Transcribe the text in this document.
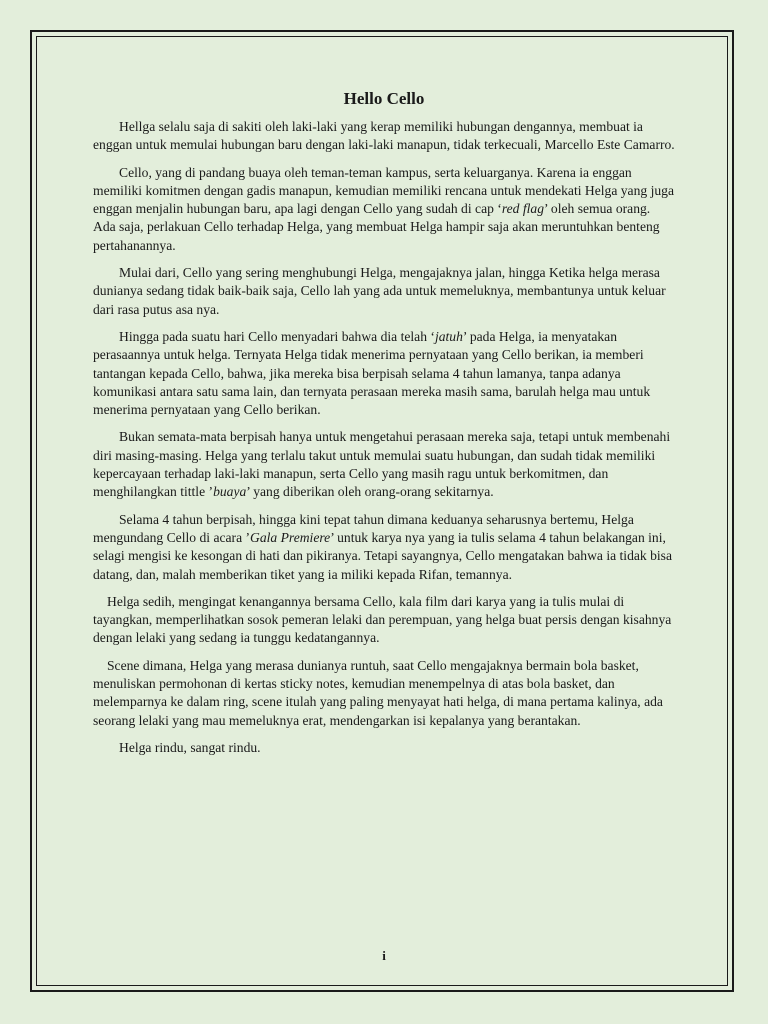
Hello Cello

Hellga selalu saja di sakiti oleh laki-laki yang kerap memiliki hubungan dengannya, membuat ia enggan untuk memulai hubungan baru dengan laki-laki manapun, tidak terkecuali, Marcello Este Camarro.

Cello, yang di pandang buaya oleh teman-teman kampus, serta keluarganya. Karena ia enggan memiliki komitmen dengan gadis manapun, kemudian memiliki rencana untuk mendekati Helga yang juga enggan menjalin hubungan baru, apa lagi dengan Cello yang sudah di cap ‘red flag’ oleh semua orang. Ada saja, perlakuan Cello terhadap Helga, yang membuat Helga hampir saja akan meruntuhkan benteng pertahanannya.

Mulai dari, Cello yang sering menghubungi Helga, mengajaknya jalan, hingga Ketika helga merasa dunianya sedang tidak baik-baik saja, Cello lah yang ada untuk memeluknya, membantunya untuk keluar dari rasa putus asa nya.

Hingga pada suatu hari Cello menyadari bahwa dia telah ‘jatuh’ pada Helga, ia menyatakan perasaannya untuk helga. Ternyata Helga tidak menerima pernyataan yang Cello berikan, ia memberi tantangan kepada Cello, bahwa, jika mereka bisa berpisah selama 4 tahun lamanya, tanpa adanya komunikasi antara satu sama lain, dan ternyata perasaan mereka masih sama, barulah helga mau untuk menerima pernyataan yang Cello berikan.

Bukan semata-mata berpisah hanya untuk mengetahui perasaan mereka saja, tetapi untuk membenahi diri masing-masing. Helga yang terlalu takut untuk memulai suatu hubungan, dan sudah tidak memiliki kepercayaan terhadap laki-laki manapun, serta Cello yang masih ragu untuk berkomitmen, dan menghilangkan tittle ’buaya’ yang diberikan oleh orang-orang sekitarnya.

Selama 4 tahun berpisah, hingga kini tepat tahun dimana keduanya seharusnya bertemu, Helga mengundang Cello di acara ’Gala Premiere’ untuk karya nya yang ia tulis selama 4 tahun belakangan ini, selagi mengisi ke kesongan di hati dan pikiranya. Tetapi sayangnya, Cello mengatakan bahwa ia tidak bisa datang, dan, malah memberikan tiket yang ia miliki kepada Rifan, temannya.

Helga sedih, mengingat kenangannya bersama Cello, kala film dari karya yang ia tulis mulai di tayangkan, memperlihatkan sosok pemeran lelaki dan perempuan, yang helga buat persis dengan kisahnya dengan lelaki yang sedang ia tunggu kedatangannya.

Scene dimana, Helga yang merasa dunianya runtuh, saat Cello mengajaknya bermain bola basket, menuliskan permohonan di kertas sticky notes, kemudian menempelnya di atas bola basket, dan melemparnya ke dalam ring, scene itulah yang paling menyayat hati helga, di mana pertama kalinya, ada seorang lelaki yang mau memeluknya erat, mendengarkan isi kepalanya yang berantakan.

Helga rindu, sangat rindu.

i
